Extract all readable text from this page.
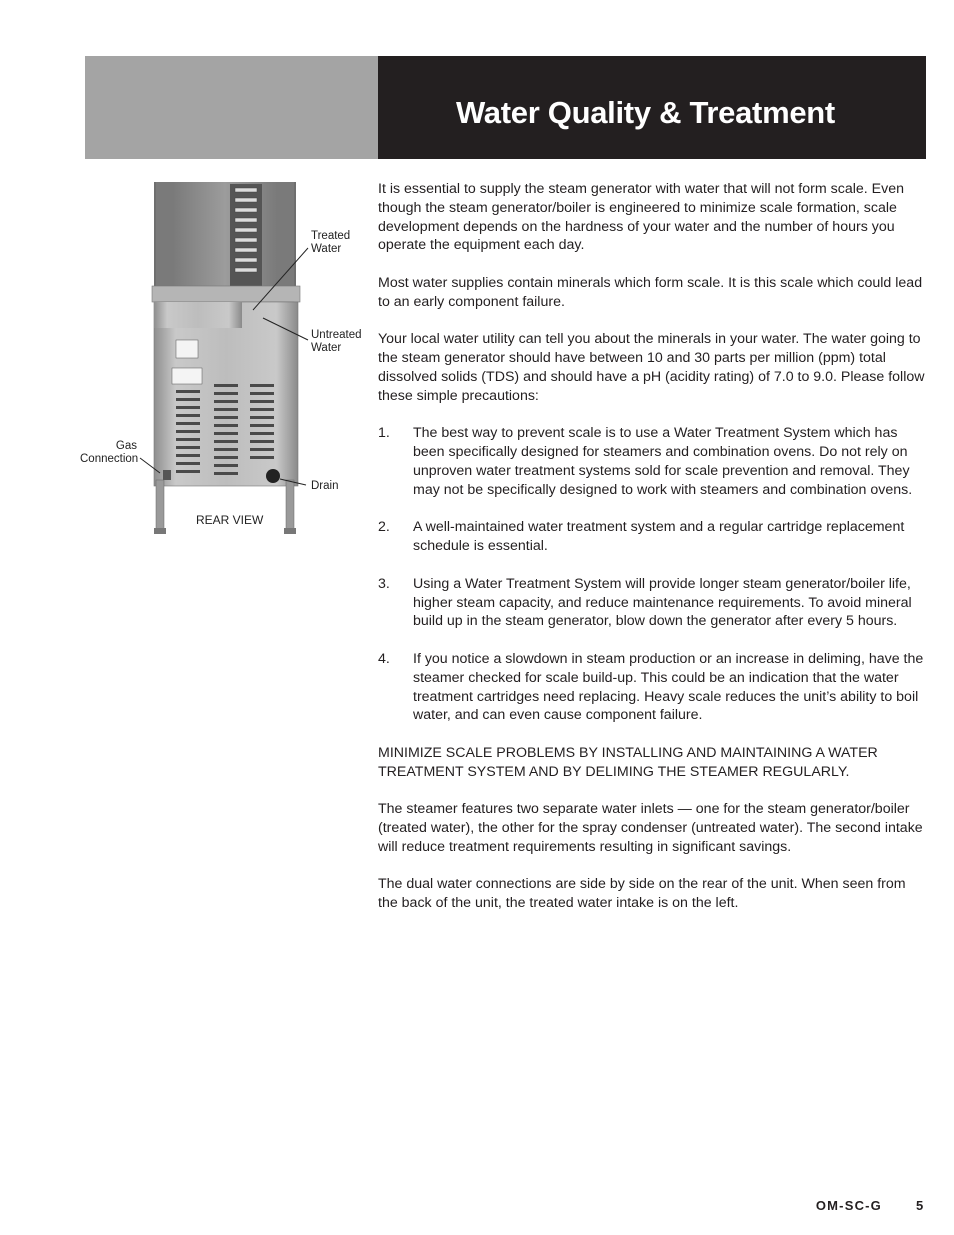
Water Quality & Treatment
Treated
Water
Untreated
Water
Gas
Connection
Drain
REAR VIEW

It is essential to supply the steam generator with water that will not form scale. Even though the steam generator/boiler is engineered to minimize scale formation, scale development depends on the hardness of your water and the number of hours you operate the equipment each day.

Most water supplies contain minerals which form scale. It is this scale which could lead to an early component failure.

Your local water utility can tell you about the minerals in your water. The water going to the steam generator should have between 10 and 30 parts per million (ppm) total dissolved solids (TDS) and should have a pH (acidity rating) of 7.0 to 9.0. Please follow these simple precautions:

1.	The best way to prevent scale is to use a Water Treatment System which has been specifically designed for steamers and combination ovens. Do not rely on unproven water treatment systems sold for scale prevention and removal. They may not be specifically designed to work with steamers and combination ovens.
2.	A well-maintained water treatment system and a regular cartridge replacement schedule is essential.
3.	Using a Water Treatment System will provide longer steam generator/boiler life, higher steam capacity, and reduce maintenance requirements. To avoid mineral build up in the steam generator, blow down the generator after every 5 hours.
4.	If you notice a slowdown in steam production or an increase in deliming, have the steamer checked for scale build-up. This could be an indication that the water treatment cartridges need replacing. Heavy scale reduces the unit’s ability to boil water, and can even cause component failure.

MINIMIZE SCALE PROBLEMS BY INSTALLING AND MAINTAINING A WATER TREATMENT SYSTEM AND BY DELIMING THE STEAMER REGULARLY.

The steamer features two separate water inlets — one for the steam generator/boiler (treated water), the other for the spray condenser (untreated water). The second intake will reduce treatment requirements resulting in significant savings.

The dual water connections are side by side on the rear of the unit. When seen from the back of the unit, the treated water intake is on the left.

OM-SC-G	5
